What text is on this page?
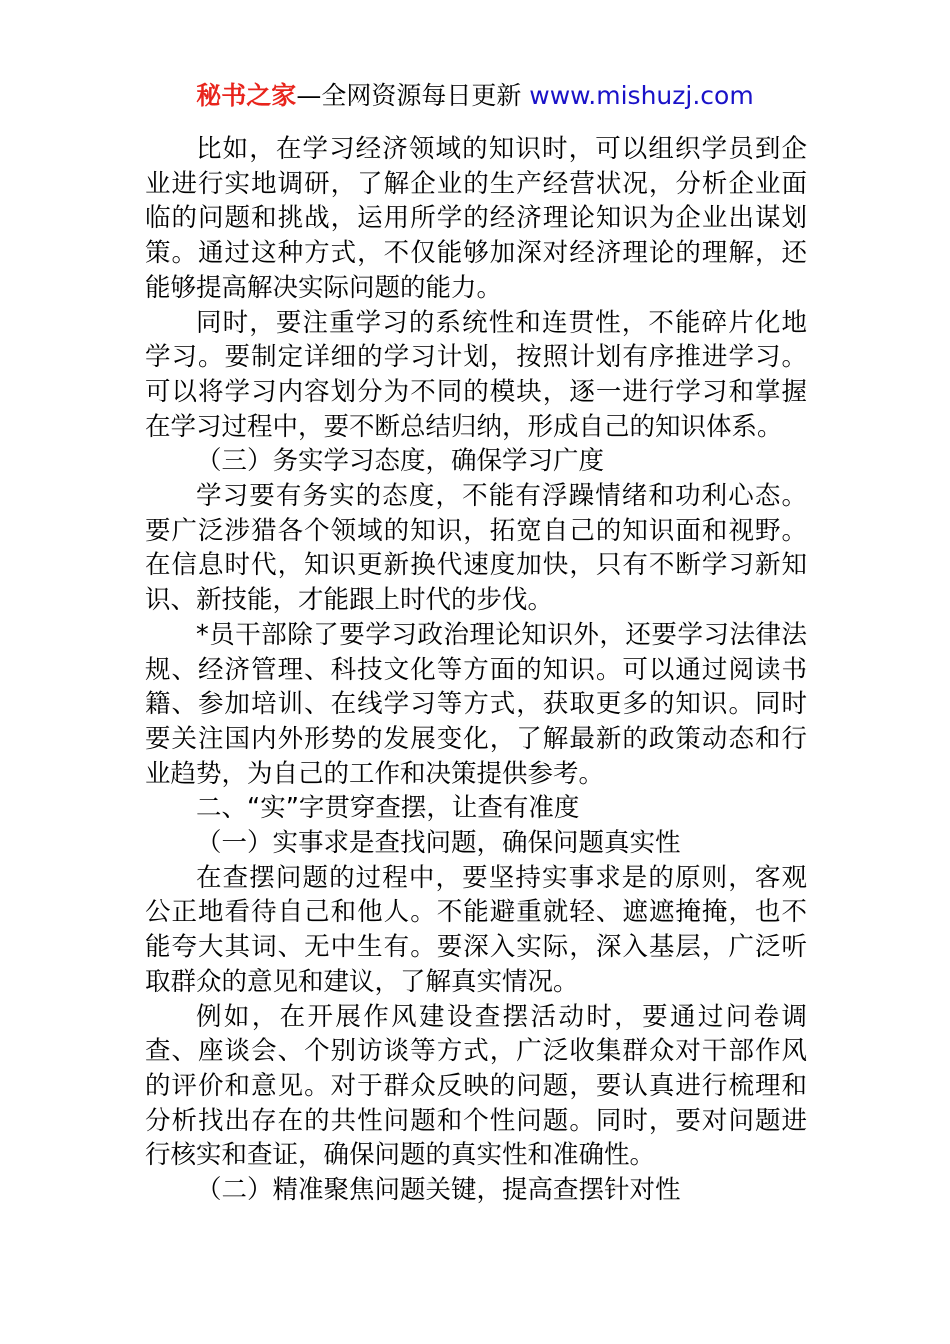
秘书之家—全网资源每日更新 www.mishuzj.com

比如，在学习经济领域的知识时，可以组织学员到企业进行实地调研，了解企业的生产经营状况，分析企业面临的问题和挑战，运用所学的经济理论知识为企业出谋划策。通过这种方式，不仅能够加深对经济理论的理解，还能够提高解决实际问题的能力。

同时，要注重学习的系统性和连贯性，不能碎片化地学习。要制定详细的学习计划，按照计划有序推进学习。可以将学习内容划分为不同的模块，逐一进行学习和掌握在学习过程中，要不断总结归纳，形成自己的知识体系。

（三）务实学习态度，确保学习广度

学习要有务实的态度，不能有浮躁情绪和功利心态。要广泛涉猎各个领域的知识，拓宽自己的知识面和视野。在信息时代，知识更新换代速度加快，只有不断学习新知识、新技能，才能跟上时代的步伐。

*员干部除了要学习政治理论知识外，还要学习法律法规、经济管理、科技文化等方面的知识。可以通过阅读书籍、参加培训、在线学习等方式，获取更多的知识。同时要关注国内外形势的发展变化，了解最新的政策动态和行业趋势，为自己的工作和决策提供参考。

二、“实”字贯穿查摆，让查有准度

（一）实事求是查找问题，确保问题真实性

在查摆问题的过程中，要坚持实事求是的原则，客观公正地看待自己和他人。不能避重就轻、遮遮掩掩，也不能夸大其词、无中生有。要深入实际，深入基层，广泛听取群众的意见和建议，了解真实情况。

例如，在开展作风建设查摆活动时，要通过问卷调查、座谈会、个别访谈等方式，广泛收集群众对干部作风的评价和意见。对于群众反映的问题，要认真进行梳理和分析找出存在的共性问题和个性问题。同时，要对问题进行核实和查证，确保问题的真实性和准确性。

（二）精准聚焦问题关键，提高查摆针对性
